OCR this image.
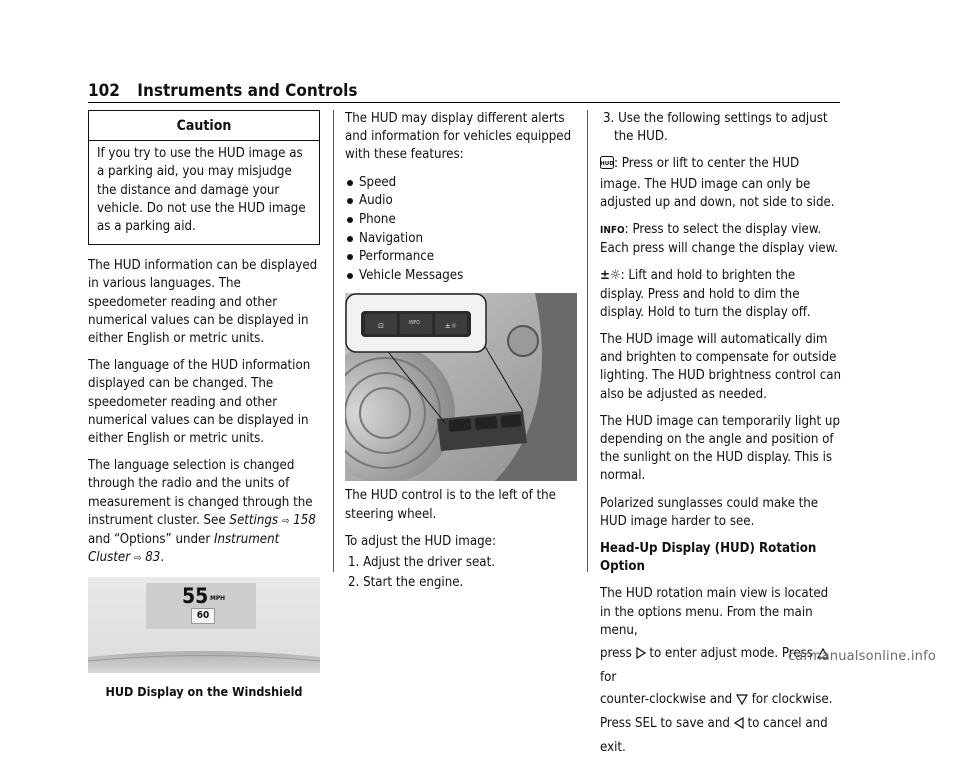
102 Instruments and Controls
Caution
If you try to use the HUD image as a parking aid, you may misjudge the distance and damage your vehicle. Do not use the HUD image as a parking aid.

The HUD information can be displayed in various languages. The speedometer reading and other numerical values can be displayed in either English or metric units.

The language of the HUD information displayed can be changed. The speedometer reading and other numerical values can be displayed in either English or metric units.

The language selection is changed through the radio and the units of measurement is changed through the instrument cluster. See Settings ⇨ 158 and “Options” under Instrument Cluster ⇨ 83.

55 MPH
60
HUD Display on the Windshield

The HUD may display different alerts and information for vehicles equipped with these features:

Speed
Audio
Phone
Navigation
Performance
Vehicle Messages
⊡	±☼
INFO

The HUD control is to the left of the steering wheel.

To adjust the HUD image:

1. Adjust the driver seat.
2. Start the engine.

3. Use the following settings to adjust the HUD.

HUD : Press or lift to center the HUD image. The HUD image can only be adjusted up and down, not side to side.

INFO: Press to select the display view. Each press will change the display view.

±☼: Lift and hold to brighten the display. Press and hold to dim the display. Hold to turn the display off.

The HUD image will automatically dim and brighten to compensate for outside lighting. The HUD brightness control can also be adjusted as needed.

The HUD image can temporarily light up depending on the angle and position of the sunlight on the HUD display. This is normal.

Polarized sunglasses could make the HUD image harder to see.

Head-Up Display (HUD) Rotation Option

The HUD rotation main view is located in the options menu. From the main menu,

press to enter adjust mode. Press  for
counter-clockwise and for clockwise.
Press SEL to save and to cancel and exit.
carmanualsonline.info
